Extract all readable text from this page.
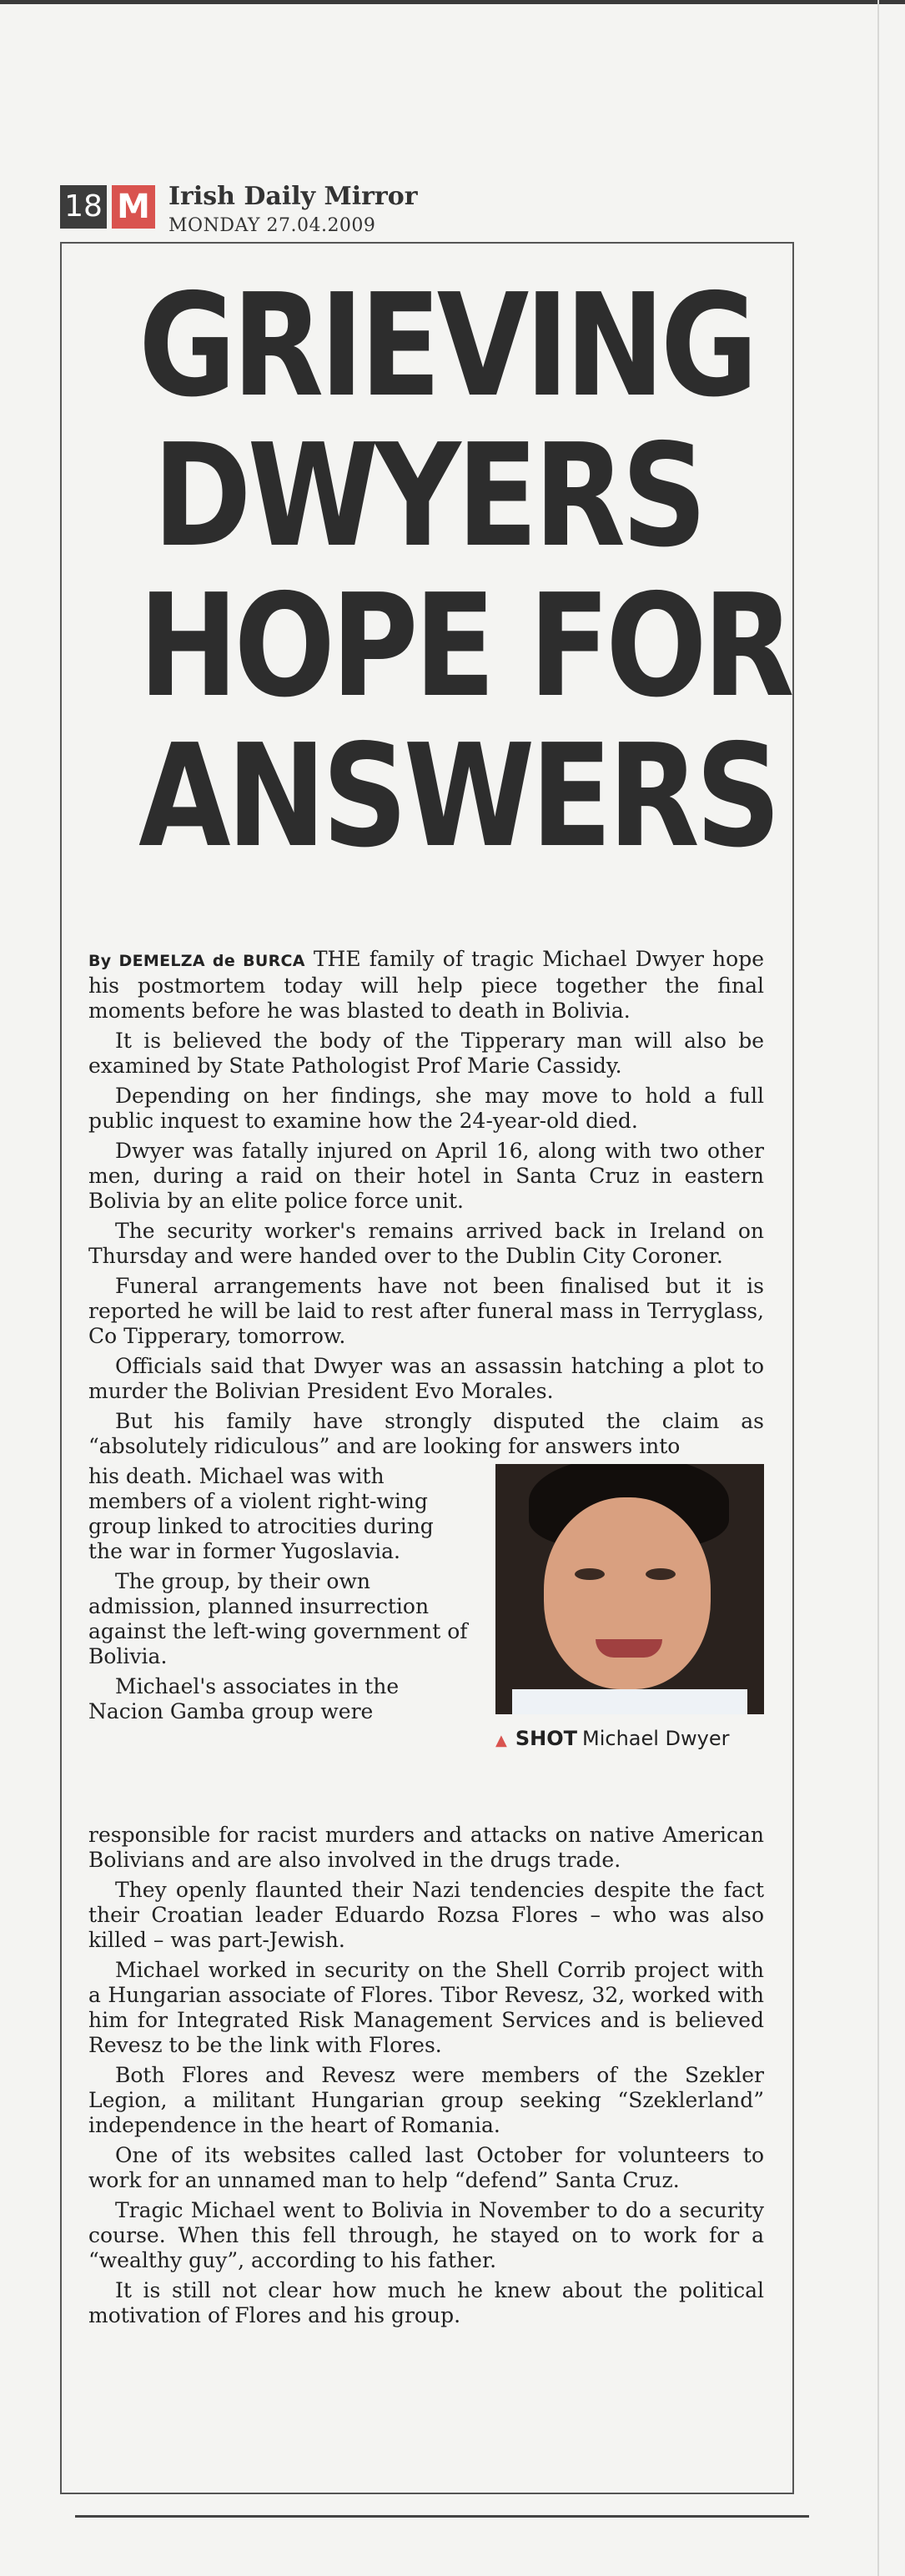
18 M Irish Daily Mirror
MONDAY 27.04.2009
GRIEVING
DWYERS
HOPE FOR
ANSWERS

By DEMELZA de BURCA THE family of tragic Michael Dwyer hope his postmortem today will help piece together the final moments before he was blasted to death in Bolivia.

It is believed the body of the Tipperary man will also be examined by State Pathologist Prof Marie Cassidy.

Depending on her findings, she may move to hold a full public inquest to examine how the 24-year-old died.

Dwyer was fatally injured on April 16, along with two other men, during a raid on their hotel in Santa Cruz in eastern Bolivia by an elite police force unit.

The security worker's remains arrived back in Ireland on Thursday and were handed over to the Dublin City Coroner.

Funeral arrangements have not been finalised but it is reported he will be laid to rest after funeral mass in Terryglass, Co Tipperary, tomorrow.

Officials said that Dwyer was an assassin hatching a plot to murder the Bolivian President Evo Morales.

But his family have strongly disputed the claim as “absolutely ridiculous” and are looking for answers into

his death. Michael was with members of a violent right-wing group linked to atrocities during the war in former Yugoslavia.

The group, by their own admission, planned insurrection against the left-wing government of Bolivia.

Michael's associates in the Nacion Gamba group were

▲ SHOT Michael Dwyer

responsible for racist murders and attacks on native American Bolivians and are also involved in the drugs trade.

They openly flaunted their Nazi tendencies despite the fact their Croatian leader Eduardo Rozsa Flores – who was also killed – was part-Jewish.

Michael worked in security on the Shell Corrib project with a Hungarian associate of Flores. Tibor Revesz, 32, worked with him for Integrated Risk Management Services and is believed Revesz to be the link with Flores.

Both Flores and Revesz were members of the Szekler Legion, a militant Hungarian group seeking “Szeklerland” independence in the heart of Romania.

One of its websites called last October for volunteers to work for an unnamed man to help “defend” Santa Cruz.

Tragic Michael went to Bolivia in November to do a security course. When this fell through, he stayed on to work for a “wealthy guy”, according to his father.

It is still not clear how much he knew about the political motivation of Flores and his group.
